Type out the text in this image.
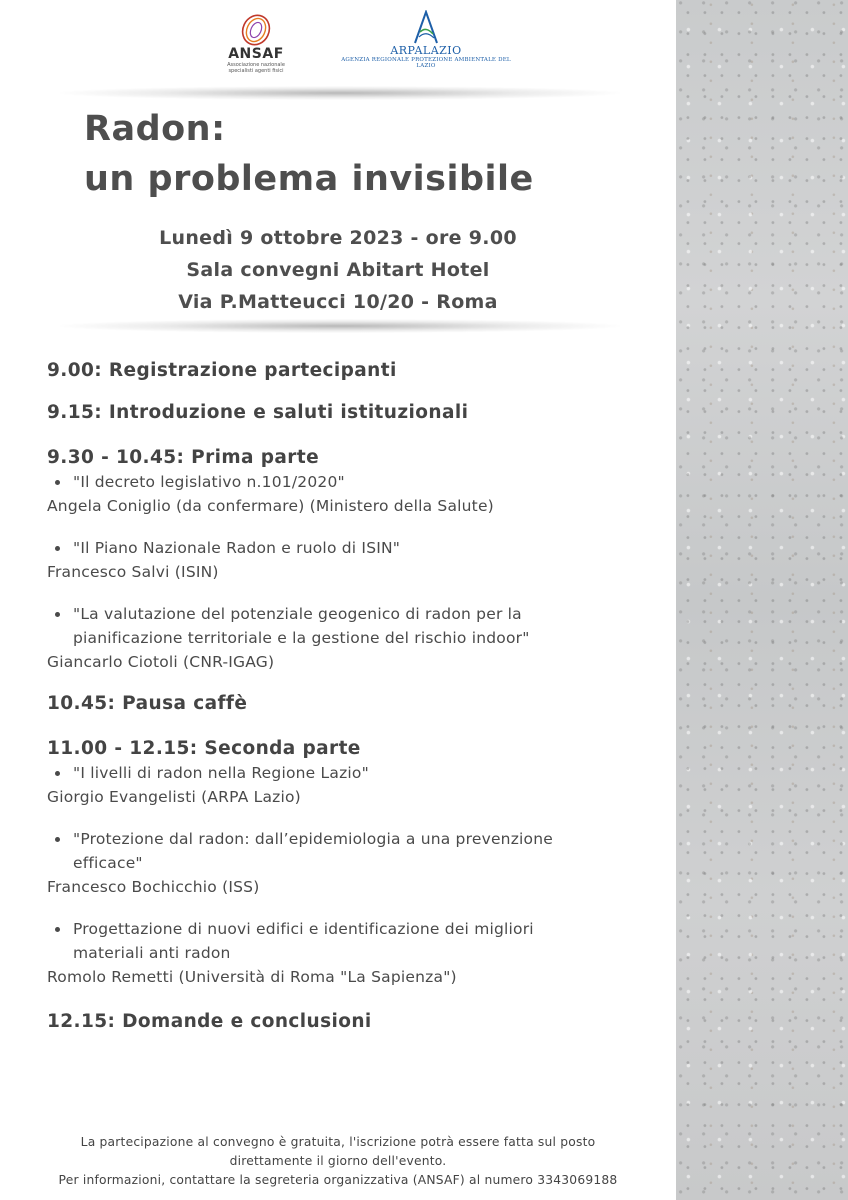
ANSAF
Associazione nazionale specialisti agenti fisici
ARPALAZIO
AGENZIA REGIONALE PROTEZIONE AMBIENTALE DEL LAZIO
Radon:
un problema invisibile
Lunedì 9 ottobre 2023 - ore 9.00
Sala convegni Abitart Hotel
Via P.Matteucci 10/20 - Roma
9.00: Registrazione partecipanti
9.15: Introduzione e saluti istituzionali
9.30 - 10.45: Prima parte
"Il decreto legislativo n.101/2020"
Angela Coniglio (da confermare) (Ministero della Salute)
"Il Piano Nazionale Radon e ruolo di ISIN"
Francesco Salvi (ISIN)
"La valutazione del potenziale geogenico di radon per la
pianificazione territoriale e la gestione del rischio indoor"
Giancarlo Ciotoli (CNR-IGAG)
10.45: Pausa caffè
11.00 - 12.15: Seconda parte
"I livelli di radon nella Regione Lazio"
Giorgio Evangelisti (ARPA Lazio)
"Protezione dal radon: dall’epidemiologia a una prevenzione
efficace"
Francesco Bochicchio (ISS)
Progettazione di nuovi edifici e identificazione dei migliori
materiali anti radon
Romolo Remetti (Università di Roma "La Sapienza")
12.15: Domande e conclusioni
La partecipazione al convegno è gratuita, l'iscrizione potrà essere fatta sul posto
direttamente il giorno dell'evento.
Per informazioni, contattare la segreteria organizzativa (ANSAF) al numero 3343069188
